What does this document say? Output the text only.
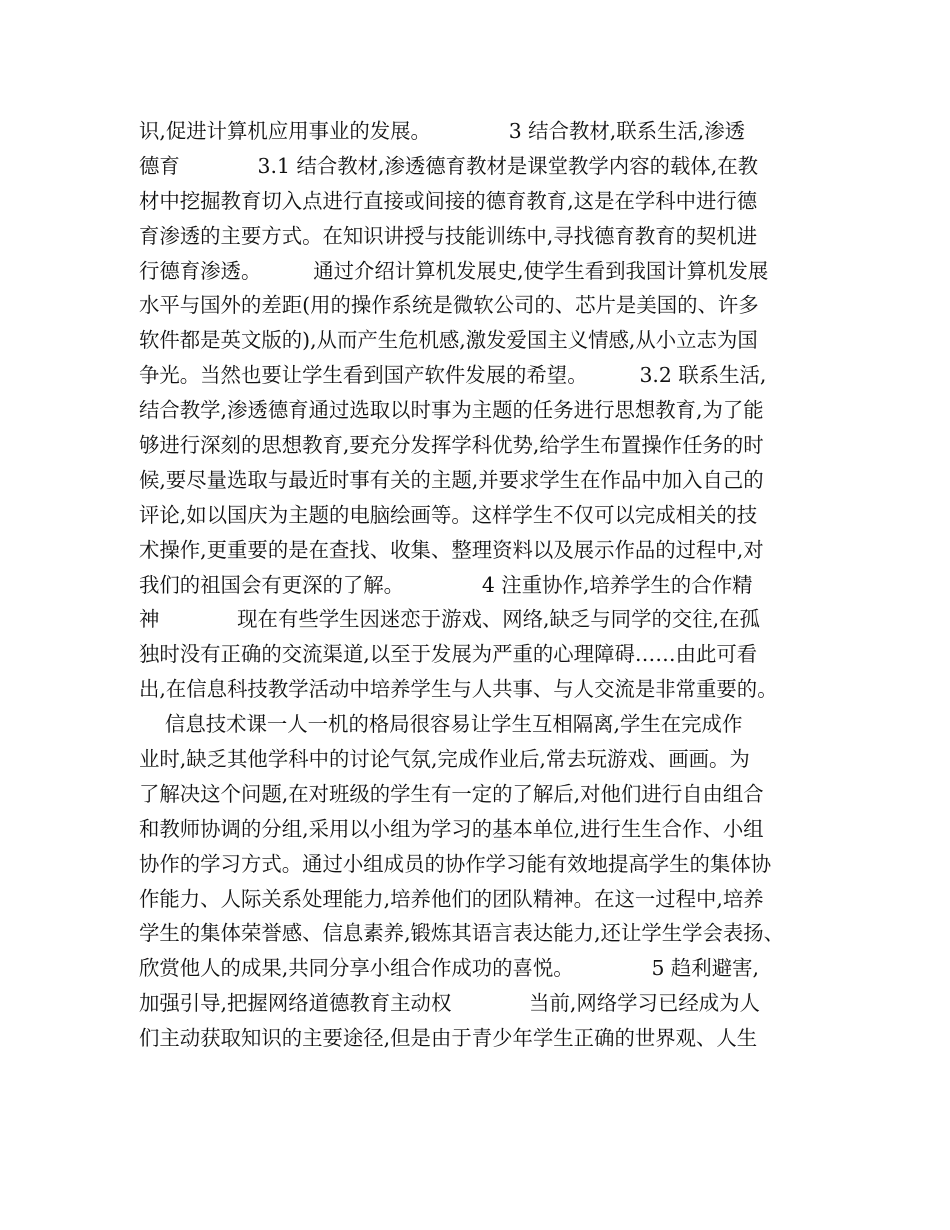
识,促进计算机应用事业的发展。            3 结合教材,联系生活,渗透
德育            3.1 结合教材,渗透德育教材是课堂教学内容的载体,在教
材中挖掘教育切入点进行直接或间接的德育教育,这是在学科中进行德
育渗透的主要方式。在知识讲授与技能训练中,寻找德育教育的契机进
行德育渗透。        通过介绍计算机发展史,使学生看到我国计算机发展
水平与国外的差距(用的操作系统是微软公司的、芯片是美国的、许多
软件都是英文版的),从而产生危机感,激发爱国主义情感,从小立志为国
争光。当然也要让学生看到国产软件发展的希望。        3.2 联系生活,
结合教学,渗透德育通过选取以时事为主题的任务进行思想教育,为了能
够进行深刻的思想教育,要充分发挥学科优势,给学生布置操作任务的时
候,要尽量选取与最近时事有关的主题,并要求学生在作品中加入自己的
评论,如以国庆为主题的电脑绘画等。这样学生不仅可以完成相关的技
术操作,更重要的是在查找、收集、整理资料以及展示作品的过程中,对
我们的祖国会有更深的了解。            4 注重协作,培养学生的合作精
神            现在有些学生因迷恋于游戏、网络,缺乏与同学的交往,在孤
独时没有正确的交流渠道,以至于发展为严重的心理障碍……由此可看
出,在信息科技教学活动中培养学生与人共事、与人交流是非常重要的。
信息技术课一人一机的格局很容易让学生互相隔离,学生在完成作
业时,缺乏其他学科中的讨论气氛,完成作业后,常去玩游戏、画画。为
了解决这个问题,在对班级的学生有一定的了解后,对他们进行自由组合
和教师协调的分组,采用以小组为学习的基本单位,进行生生合作、小组
协作的学习方式。通过小组成员的协作学习能有效地提高学生的集体协
作能力、人际关系处理能力,培养他们的团队精神。在这一过程中,培养
学生的集体荣誉感、信息素养,锻炼其语言表达能力,还让学生学会表扬、
欣赏他人的成果,共同分享小组合作成功的喜悦。            5 趋利避害,
加强引导,把握网络道德教育主动权            当前,网络学习已经成为人
们主动获取知识的主要途径,但是由于青少年学生正确的世界观、人生
